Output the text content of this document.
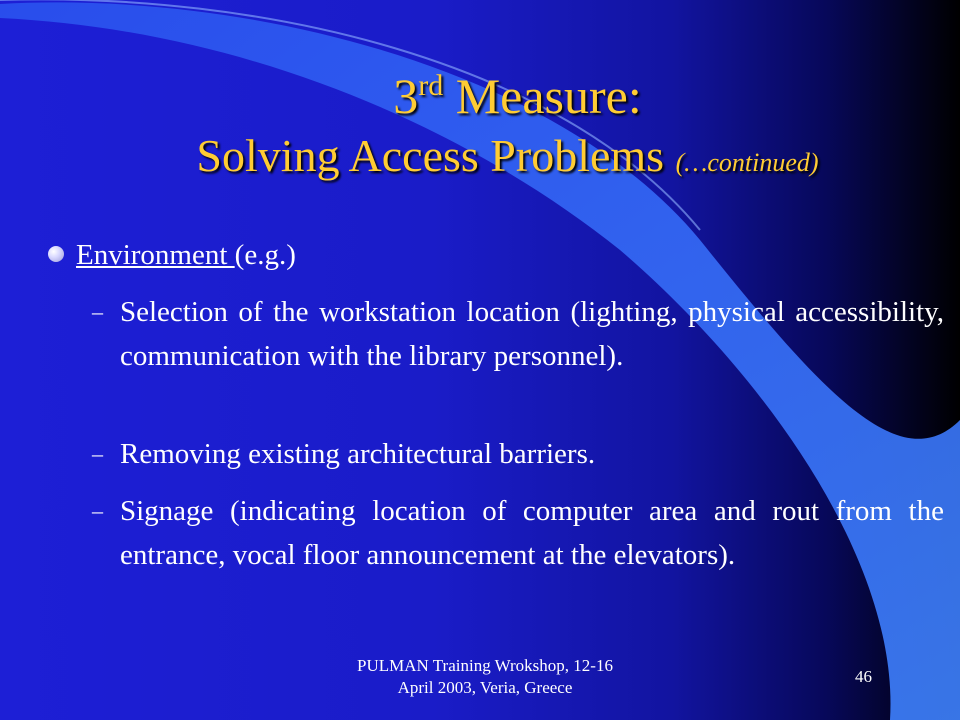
3rd Measure:
Solving Access Problems (…continued)
Environment (e.g.)
– Selection of the workstation location (lighting, physical accessibility, communication with the library personnel).
– Removing existing architectural barriers.
– Signage (indicating location of computer area and rout from the entrance, vocal floor announcement at the elevators).
PULMAN Training Wrokshop, 12-16
April 2003, Veria, Greece
46
